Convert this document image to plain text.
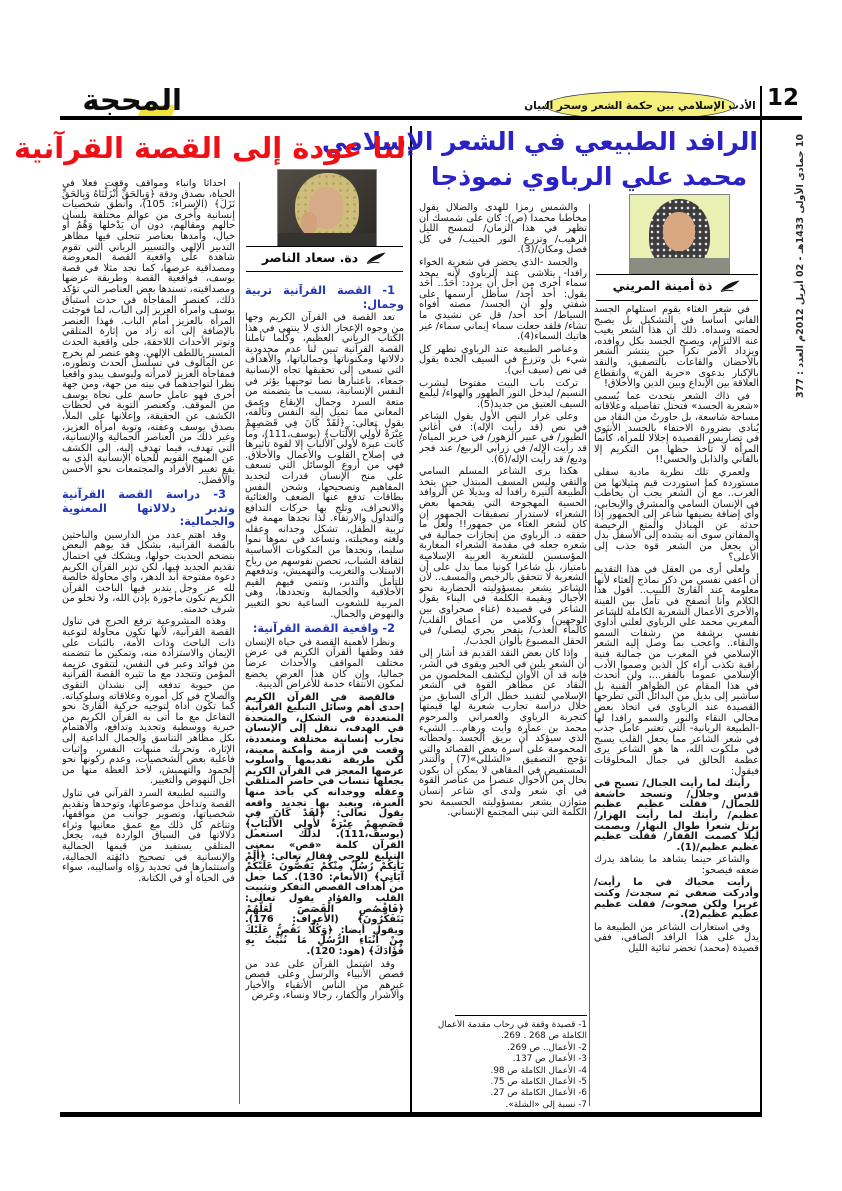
المحجة	الأدب الإسلامي بين حكمة الشعر وسحر البيان 12
10 جمادى الأولى 1433هـ - 02 أبريل 2012م العدد : 377
الرافد الطبيعي في الشعر الإسلامي
محمد علي الرباوي نموذجا
ذة أمينة المريني

والشمس رمزا للهدى والضلال يقول مخاطبا محمدا (ص): كان على شمسك أن تظهر في هذا الزمان/ لتمسح الليل الرهيب/ وتزرع النور الحبيب/ في كل فصل ومكان/(3).

والجسد -الذي يحضر في شعرية الخواء رافدا- يتلاشى عند الرباوي لأنه يمجد سماء أخرى من أجل أن يردد: أحَدٌ.. أحَد يقول: أحد أحد/ سأظل أرسمها على شفتي ولو أن الجسد/ مصته أفواه السياط/ أحد أحد/ قل عن نشيدي ما تشاء/ فلقد جعلت سماء إيماني سماء/ غير هاتيك السماء(4).

وعناصر الطبيعة عند الرباوي تطهر كل شيء بل وتزرع في السيف الجدة يقول في نص (سيف أبي).

تركت باب البيت مفتوحا ليشرب النسيم/ ليدخل النور الطهور والهواء/ ليلمع السيف العتيق من جديد(5).

وعلى غرار النص الأول يقول الشاعر في نص (قد رأيت الإله): في أغاني الطيور/ في عبير الزهور/ في خرير المياه/ قد رأيت الإله/ في زرابي الربيع/ عند فجر وديع/ قد رأيت الإله/(6).

هكذا يرى الشاعر المسلم السامي والتقي وليس المسف المبتذل حين يتخذ الطبيعة النيرة رافدا له وبديلا عن الروافد الحسية المهجوجة التي يقحمها بعض الشعراء لاستدرار تصفيقات الجمهور إن كان لشعر الغثاء من جمهور!! ولعل ما حققه د. الرباوي من إنجازات جمالية في شعره جعله في مقدمة الشعراء المغاربة المؤسسين للشعرية العربية الإسلامية بامتياز، بل شاعرا كونيا مما يدل على أن الشعرية لا تتحقق بالرخيص والمسف.. لأن الشاعر يشعر بمسؤوليته الحضارية نحو الأجيال وبقيمة الكلمة في البناء يقول الشاعر في قصيدة (غناء صحراوي بين الوجهين) وكلامي من أعماق القلب/ كالماء العذب/ يتفجر يجري ليصلي/ في الحقل المصبوغ بألوان الجذب/.

وإذا كان بعض النقد القديم قد أشار إلى أن الشعر يلين في الخير ويقوى في الشر، فإنه قد آن الأوان ليكشف المخلصون من النقاد عن مظاهر القوة في الشعر الإسلامي لتفنيد خطل الرأي السابق من خلال دراسة تجارب شعرية لها قيمتها كتجربة الرباوي والعمراني والمرحوم محمد بن عمارة وآيت ورهام... الشيء الذي سيؤكد أن بريق الجسد ولحظاته المحمومة على أسرة بعض القصائد والتي تؤجج التصفيق «الشللي»(7) والتندر المستفيض في المقاهي لا يمكن أن يكون بحال من الأحوال عنصرا من عناصر القوة في أي شعر ولدى أي شاعر إنسان متوازن يشعر بمسؤوليته الجسيمة نحو الكلمة التي تبني المجتمع الإنساني.

1- قصيدة وقفة في رحاب مقدمة الأعمال الكاملة ص 268 . 269.
2- الأعمال.. ص 269.
3- الأعمال ص 137.
4- الأعمال الكاملة ص 98.
5- الأعمال الكاملة ص 75.
6- الأعمال الكاملة ص 27.
7- نسبة إلى «الشلة».

في شعر الغثاء يقوم استلهام الجسد الفاني أساسا في التشكيل بل يصبح لحمته وسداه. ذلك أن هذا الشعر يغيب عنه الالتزام، ويصبح الجسد بكل روافده، ويزداد الأمر نكرا حين ينتشر الشعر بالأحضان والقاعات بالتصفيق، والنقد بالإكبار بدعوى «حرية الفن» وانقطاع العلاقة بين الإبداع وبين الدين والأخلاق!

في ذاك الشعر يتحدث عما يُسمى «شعرية الجسد» فتحتل تفاصيله وعلاقاته مساحة شاسعة، بل حاورتُ من النقاد من يُنادي بضرورة الاحتفاء بالجسد الأنثوي في تضاريس القصيدة إجلالا للمرأة، كأنما المرأة لا تأخذ حظها من التكريم إلا بالفاني والذابل والحسي!!

ولعمري تلك نظرية مادية سفلى مستوردة كما استوردت قيم مثيلاتها من الغرب.. مع أن الشعر يجب أن يخاطب في الإنسان السامي والمشرق والإيجابي، وأي إضافة يضيفها شاعر إلى الجمهور إذا حدثه عن المباذل والمتع الرخيصة والمفاتن سوى أنه يشده إلى الأسفل بدل أن يجعل من الشعر قوة جذب إلى الأعلى؟

ولعلي أرى من العقل في هذا التقديم أن أعفي نفسي من ذكر نماذج الغثاء لأنها معلومة عند القارئ اللبيب.. أقول هذا الكلام وأنا أتصفح في تأمل بين الفينة والأخرى الأعمال الشعرية الكاملة للشاعر المغربي محمد علي الرباوي لعلني أداوي نفسي برشفة من رشفات السمو والنقاء.. وأعجب بما وصل إليه الشعر الإسلامي في المغرب من جمالية فنية راقية تكذب آراء كل الذين وصموا الأدب الإسلامي عموما بالفقر...، ولن أتحدث في هذا المقام عن الظواهر الفنية بل سأشير إلى بديل من البدائل التي تطرحها القصيدة عند الرباوي في اتخاذ بعض مجالي النقاء والنور والسمو رافدا لها -الطبيعة الربانية- التي تعتبر عامل جذب في شعر الشاعر مما يجعل القلب يسبح في ملكوت الله، ها هو الشاعر يرى عظمة الخالق في جمال المخلوقات فيقول:

رأيتك لما رأيت الجبال/ تسبح في قدس وجلال/ وتسجد خاشعة للجمال/ فقلت عظيم عظيم عظيم/ رأيتك لما رأيت الهزار/ يرتل شعرا طوال النهار/ ويصمت ليلا كصمت القفار/ فقلت عظيم عظيم عظيم/(1).

والشاعر حينما يشاهد ما يشاهد يدرك ضعفه فيصحو:

رأيت محياك في ما رأيت/ وأدركت ضعفي ثم سجدت/ وكنت غريرا ولكن صحوت/ فقلت عظيم عظيم عظيم(2).

وفي استعارات الشاعر من الطبيعة ما يدل على هذا الرافد الصافي، ففي قصيدة (محمد) تحضر ثنائية الليل

لنا عودة إلى القصة القرآنية
دة. سعاد الناصر

1- القصة القرآنية تربية وجمال:

تعد القصة في القرآن الكريم وجها من وجوه الإعجاز الذي لا ينتهي في هذا الكتاب الرباني العظيم، وكلما تأملنا القصة القرآنية تبين لنا عدم محدودية دلالاتها ومكنوناتها وجمالياتها، والأهداف التي تسعى إلى تحقيقها تجاه الإنسانية جمعاء، باعتبارها نصا توجيهيا يؤثر في النفس الإنسانية، بسبب ما يتضمنه من متعة السرد وجمال الإيقاع وعمق المعاني مما تميل إليه النفس وتألفه، يقول تعالى: ﴿لقَدْ كَانَ فِي قَصَصِهِمْ عِبْرَةٌ لأُولِي الأَلْبَابِ﴾ (يوسف،111)، وما كانت عبرة لأولي الألباب إلا لقوة تأثيرها في إصلاح القلوب والأعمال والأخلاق. فهي من أروع الوسائل التي تسعف على منح الإنسان قدرات لتجديد المفاهيم وتصحيحها، وشحن النفس بطاقات تدفع عنها الضعف والغثائية والانحراف، وتلج بها حركات التدافع والتداول والارتقاء. لذا نجدها مهمة في تربية الطفل، تشكل وجدانه وعقله ولغته ومخيلته، وتساعد في نموها نموا سليما، ونجدها من المكونات الأساسية لثقافة الشباب، تحصن نفوسهم من رياح الاستلاب والتغريب والتهميش، وتدفعهم للتأمل والتدبر، وتنمي فيهم القيم الأخلاقية والجمالية وتجددها، وهي المربية للشعوب الساعية نحو التغيير والنهوض والجمال.

2- واقعية القصة القرآنية:

ونظرا لأهمية القصة في حياة الإنسان فقد وظفها القرآن الكريم في عرض مختلف المواقف والأحداث عرضا جماليا، وإن كان هذا العرض يخضع لمكون الانتقاء خدمة للأغراض الدينية.

فالقصة في القرآن الكريم إحدى أهم وسائل التبليغ القرآنية المتعددة في الشكل، والمتحدة في الهدف، تنقل إلى الإنسان تجارب إنسانية مختلفة ومتعددة، وقعت في أزمنة وأمكنة معينة، لكن طريقة تقديمها وأسلوب عرضها المعجز في القرآن الكريم يجعلها تنساب في حاضر المتلقي وعقله ووجدانه كي يأخذ منها العبرة، ويعيد بها تجديد واقعه يقول تعالى: ﴿لقَدْ كَانَ فِي قَصَصِهِمْ عِبْرَةٌ لأُولِي الأَلْبَابِ﴾ (يوسف،111). لذلك استعمل القرآن كلمة «قص» بمعنى التبليغ للوحي فقال تعالى: ﴿أَلَمْ يَأْتِكُمْ رُسُلٌ مِنْكُمْ يَقُصُّونَ عَلَيْكُمْ آيَاتِي﴾ (الأنعام: 130). كما جعل من أهداف القصص التفكر وتثبيت القلب والفؤاد يقول تعالى: ﴿فَاقْصُصِ الْقَصَصَ لَعَلَّهُمْ يَتَفَكَّرُونَ﴾ (الأعراف: 176). ويقول أيضا: ﴿وَكُلًّا نَقُصُّ عَلَيْكَ مِنْ أَنْبَاءِ الرُّسُلِ مَا نُثَبِّتُ بِهِ فُؤَادَكَ﴾ (هود: 120).

وقد اشتمل القرآن على عدد من قصص الأنبياء والرسل وعلى قصص غيرهم من الناس الأتقياء والأخيار والأشرار والكفار، رجالا ونساء، وعرض

أحداثا وأنباء ومواقف وقعت فعلا في الحياة، بصدق ودقة ﴿وَبِالحَقِّ أَنْزَلْنَاهُ وَبِالحَقِّ نَزَلَ﴾ (الإسراء: 105)، وأنطق شخصيات إنسانية وأخرى من عوالم مختلفة بلسان حالهم ومقالهم، دون أن يَدْخلها وَهْمٌ أو خيال، وأمدها بعناصر تتجلى فيها مظاهر التدبير الإلهي والتسيير الرباني التي تقوم شاهدة على واقعية القصة المعروضة ومصداقية عرضها، كما نجد مثلا في قصة يوسف، فواقعية القصة وطريقة عرضها ومصداقيته، تسندها بعض العناصر التي تؤكد ذلك، كعنصر المفاجأة في حدث استباق يوسف وامرأة العزيز إلى الباب، لما فوجئت المرأة بالعزيز أمام الباب. فهذا العنصر بالإضافة إلى أنه زاد من إثارة المتلقي وتوتر الأحداث اللاحقة، جلى واقعية الحدث المسير باللطف الإلهي. وهو عنصر لم يخرج عن المألوف في تسلسل الحدث وتطوره، فمفاجأة العزيز لامرأته وليوسف يبدو واقعيا نظرا لتواجدهما في بيته من جهة، ومن جهة أخرى فهو عامل حاسم على نجاة يوسف من الموقف. وكعنصر التوبة في لحظات الكشف عن الحقيقة، وإعلانها على الملأ، بصدق يوسف وعفته، وتوبة امرأة العزيز، وغير ذلك من العناصر الجمالية والإنسانية، التي تهدف، فيما تهدف إليه، إلى الكشف عن المنهج القويم للحياة الإنسانية الذي به يقع تغيير الأفراد والمجتمعات نحو الأحسن والأفضل.

3- دراسة القصة القرآنية وتدبر دلالاتها المعنوية والجمالية:

وقد اهتم عدد من الدارسين والباحثين بالقصة القرآنية، بشكل قد يوهم البعض بتضخم الحديث حولها، ويشكك في احتمال تقديم الجديد فيها، لكن تدبر القرآن الكريم دعوة مفتوحة أبد الدهر، وأي محاولة خالصة لله عز وجل يتدبر فيها الباحث القرآن الكريم تكون مأجورة بإذن الله، ولا تخلو من شرف خدمته.

وهذه المشروعية ترفع الحرج في تناول القصة القرآنية، لأنها تكون محاولة لتوعية ذات الباحث وذات الأمة، بالثبات على الإيمان والاستزادة منه، وتمكين ما تتضمنه من فوائد وعبر في النفس، لتتقوى عزيمة المؤمن وتتجدد مع ما تثيره القصة القرآنية من حيوية تدفعه إلى نشدان التقوى والصلاح في كل أموره وعلاقاته وسلوكياته. كما تكون أداة لتوجيه حركية القارئ نحو التفاعل مع ما أتى به القرآن الكريم من خبرية ووسطية وتجديد وتدافع، والاهتمام بكل مظاهر التناسق والجمال الداعية إلى الإثارة، وتحريك منبهات النفس، وإثبات فاعلية بعض الشخصيات، وعدم ركونها نحو الجمود والتهميش، لأخذ العظة منها من أجل النهوض والتغيير.

والتنبيه لطبيعة السرد القرآني في تناول القصة وتداخل موضوعاتها، وتوحدها وتقديم شخصياتها، وتصوير جوانب من مواقفها، وتناغم كل ذلك مع عمق معانيها وثراء دلالاتها في السياق الواردة فيه، يجعل المتلقي يستفيد من قيمها الجمالية والإنسانية في تصحيح ذائقته الجمالية، واستثمارها في تجديد رؤاه وأساليبه، سواء في الحياة أو في الكتابة.
